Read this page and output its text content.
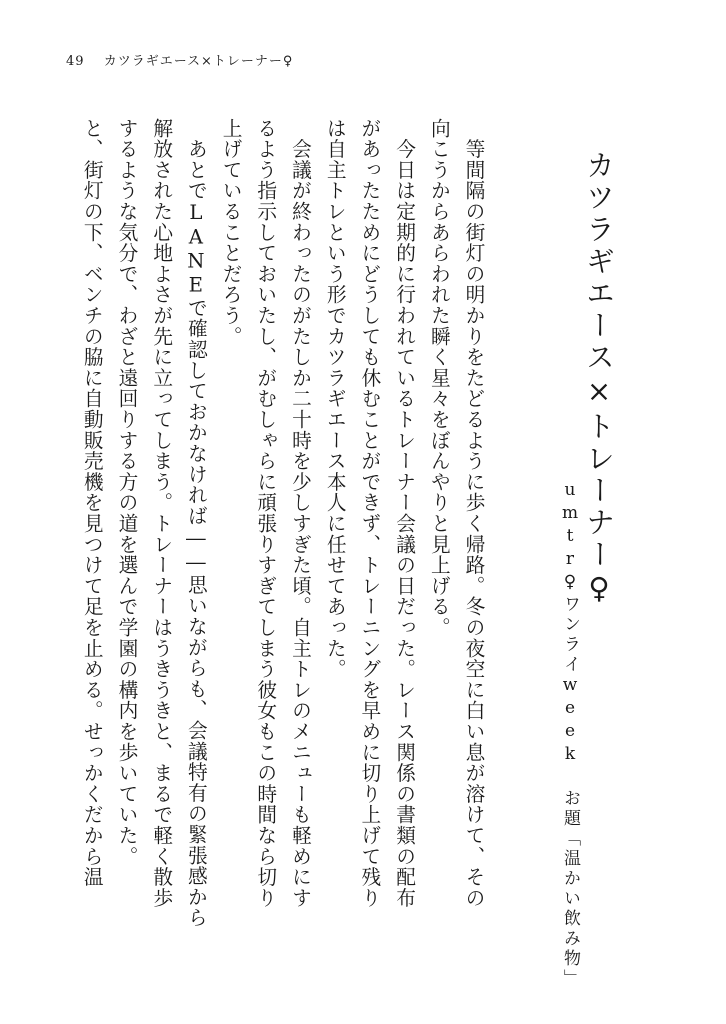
49 カツラギエース×トレーナー♀
カツラギエース×トレーナー♀
umtr♀ワンライweekお題「温かい飲み物」
　等間隔の街灯の明かりをたどるように歩く帰路。冬の夜空に白い息が溶けて、その
向こうからあらわれた瞬く星々をぼんやりと見上げる。
　今日は定期的に行われているトレーナー会議の日だった。レース関係の書類の配布
があったためにどうしても休むことができず、トレーニングを早めに切り上げて残り
は自主トレという形でカツラギエース本人に任せてあった。
　会議が終わったのがたしか二十時を少しすぎた頃。自主トレのメニューも軽めにす
るよう指示しておいたし、がむしゃらに頑張りすぎてしまう彼女もこの時間なら切り
上げていることだろう。
　あとでLANEで確認しておかなければ――思いながらも、会議特有の緊張感から
解放された心地よさが先に立ってしまう。トレーナーはうきうきと、まるで軽く散歩
するような気分で、わざと遠回りする方の道を選んで学園の構内を歩いていた。
と、街灯の下、ベンチの脇に自動販売機を見つけて足を止める。せっかくだから温
